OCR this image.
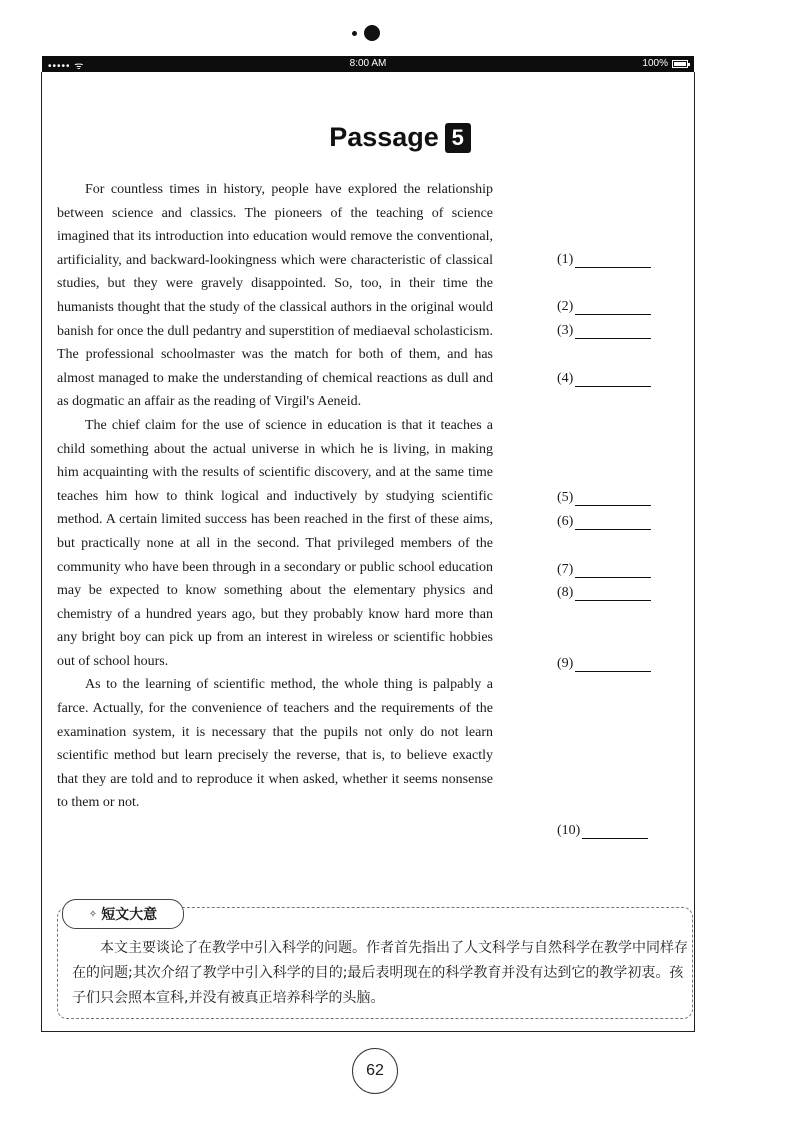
••••• ᯤ	8:00 AM	100%
Passage 5

For countless times in history, people have explored the relationship between science and classics. The pioneers of the teaching of science imagined that its introduction into education would remove the conventional, artificiality, and backward-lookingness which were characteristic of classical studies, but they were gravely disappointed. So, too, in their time the humanists thought that the study of the classical authors in the original would banish for once the dull pedantry and superstition of mediaeval scholasticism. The professional schoolmaster was the match for both of them, and has almost managed to make the understanding of chemical reactions as dull and as dogmatic an affair as the reading of Virgil's Aeneid.

The chief claim for the use of science in education is that it teaches a child something about the actual universe in which he is living, in making him acquainting with the results of scientific discovery, and at the same time teaches him how to think logical and inductively by studying scientific method. A certain limited success has been reached in the first of these aims, but practically none at all in the second. That privileged members of the community who have been through in a secondary or public school education may be expected to know something about the elementary physics and chemistry of a hundred years ago, but they probably know hard more than any bright boy can pick up from an interest in wireless or scientific hobbies out of school hours.

As to the learning of scientific method, the whole thing is palpably a farce. Actually, for the convenience of teachers and the requirements of the examination system, it is necessary that the pupils not only do not learn scientific method but learn precisely the reverse, that is, to believe exactly that they are told and to reproduce it when asked, whether it seems nonsense to them or not.

(1)
(2)
(3)
(4)
(5)
(6)
(7)
(8)
(9)
(10)
✧ 短文大意

本文主要谈论了在教学中引入科学的问题。作者首先指出了人文科学与自然科学在教学中同样存在的问题;其次介绍了教学中引入科学的目的;最后表明现在的科学教育并没有达到它的教学初衷。孩子们只会照本宣科,并没有被真正培养科学的头脑。

62
